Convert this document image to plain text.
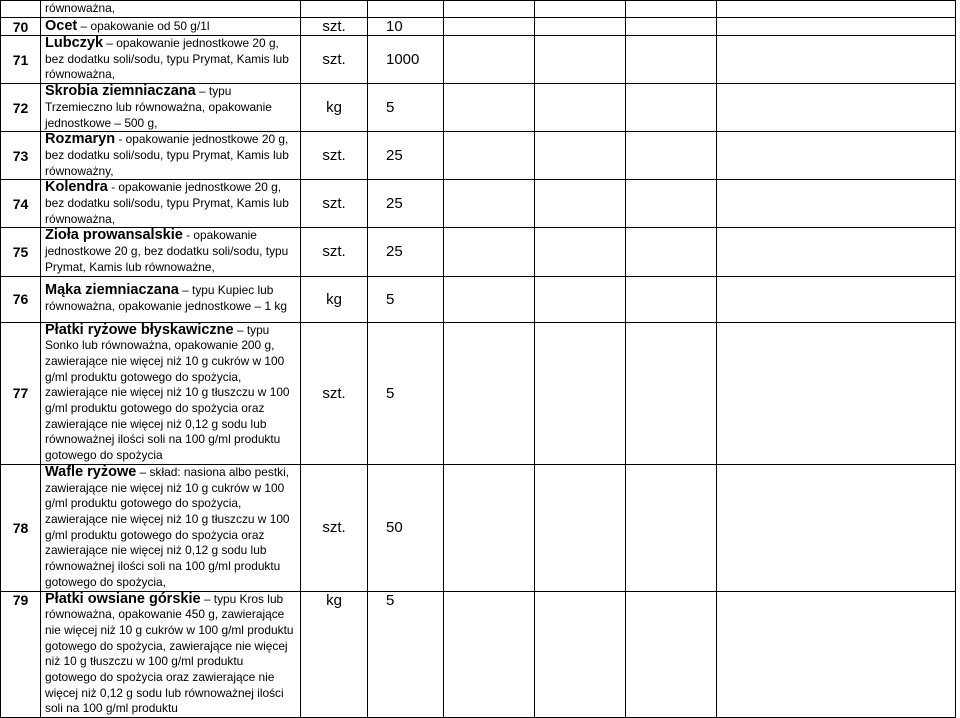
	równoważna,						
70	Ocet – opakowanie od 50 g/1l	szt.	10				
71	Lubczyk – opakowanie jednostkowe 20 g, bez dodatku soli/sodu, typu Prymat, Kamis lub równoważna,	szt.	1000				
72	Skrobia ziemniaczana – typu Trzemieczno lub równoważna, opakowanie jednostkowe – 500 g,	kg	5				
73	Rozmaryn - opakowanie jednostkowe 20 g, bez dodatku soli/sodu, typu Prymat, Kamis lub równoważny,	szt.	25				
74	Kolendra - opakowanie jednostkowe 20 g, bez dodatku soli/sodu, typu Prymat, Kamis lub równoważna,	szt.	25				
75	Zioła prowansalskie - opakowanie jednostkowe 20 g, bez dodatku soli/sodu, typu Prymat, Kamis lub równoważne,	szt.	25				
76	Mąka ziemniaczana – typu Kupiec lub równoważna, opakowanie jednostkowe – 1 kg	kg	5				
77	Płatki ryżowe błyskawiczne – typu Sonko lub równoważna, opakowanie 200 g, zawierające nie więcej niż 10 g cukrów w 100 g/ml produktu gotowego do spożycia, zawierające nie więcej niż 10 g tłuszczu w 100 g/ml produktu gotowego do spożycia oraz zawierające nie więcej niż 0,12 g sodu lub równoważnej ilości soli na 100 g/ml produktu gotowego do spożycia	szt.	5				
78	Wafle ryżowe – skład: nasiona albo pestki, zawierające nie więcej niż 10 g cukrów w 100 g/ml produktu gotowego do spożycia, zawierające nie więcej niż 10 g tłuszczu w 100 g/ml produktu gotowego do spożycia oraz zawierające nie więcej niż 0,12 g sodu lub równoważnej ilości soli na 100 g/ml produktu gotowego do spożycia,	szt.	50				
79	Płatki owsiane górskie – typu Kros lub równoważna, opakowanie 450 g, zawierające nie więcej niż 10 g cukrów w 100 g/ml produktu gotowego do spożycia, zawierające nie więcej niż 10 g tłuszczu w 100 g/ml produktu gotowego do spożycia oraz zawierające nie więcej niż 0,12 g sodu lub równoważnej ilości soli na 100 g/ml produktu	kg	5				
